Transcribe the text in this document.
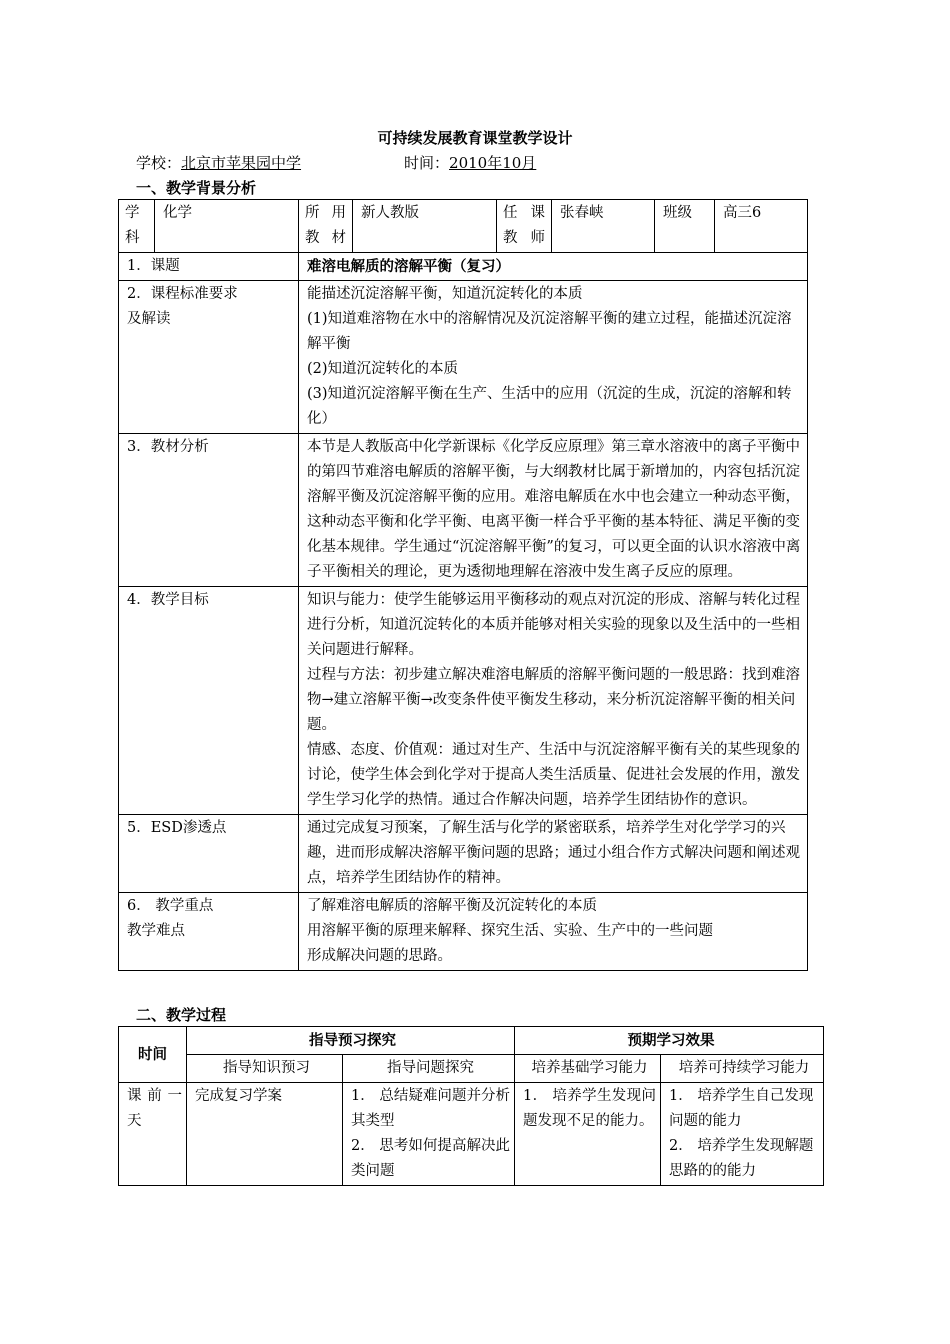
可持续发展教育课堂教学设计
学校：北京市苹果园中学	时间：2010年10月
一、教学背景分析
学科	化学	所用教材	新人教版	任课教师	张春峡	班级	高三6
1．课题		难溶电解质的溶解平衡（复习）					

2．课程标准要求
及解读		能描述沉淀溶解平衡，知道沉淀转化的本质
(1)知道难溶物在水中的溶解情况及沉淀溶解平衡的建立过程，能描述沉淀溶解平衡
(2)知道沉淀转化的本质
(3)知道沉淀溶解平衡在生产、生活中的应用（沉淀的生成，沉淀的溶解和转化）					

3．教材分析		本节是人教版高中化学新课标《化学反应原理》第三章水溶液中的离子平衡中的第四节难溶电解质的溶解平衡，与大纲教材比属于新增加的，内容包括沉淀溶解平衡及沉淀溶解平衡的应用。难溶电解质在水中也会建立一种动态平衡，这种动态平衡和化学平衡、电离平衡一样合乎平衡的基本特征、满足平衡的变化基本规律。学生通过“沉淀溶解平衡”的复习，可以更全面的认识水溶液中离子平衡相关的理论，更为透彻地理解在溶液中发生离子反应的原理。					
4．教学目标		知识与能力：使学生能够运用平衡移动的观点对沉淀的形成、溶解与转化过程进行分析，知道沉淀转化的本质并能够对相关实验的现象以及生活中的一些相关问题进行解释。
过程与方法：初步建立解决难溶电解质的溶解平衡问题的一般思路：找到难溶物→建立溶解平衡→改变条件使平衡发生移动，来分析沉淀溶解平衡的相关问题。
情感、态度、价值观：通过对生产、生活中与沉淀溶解平衡有关的某些现象的讨论，使学生体会到化学对于提高人类生活质量、促进社会发展的作用，激发学生学习化学的热情。通过合作解决问题，培养学生团结协作的意识。					

5．ESD渗透点		通过完成复习预案，了解生活与化学的紧密联系，培养学生对化学学习的兴趣，进而形成解决溶解平衡问题的思路；通过小组合作方式解决问题和阐述观点，培养学生团结协作的精神。					

6． 教学重点
教学难点		了解难溶电解质的溶解平衡及沉淀转化的本质
用溶解平衡的原理来解释、探究生活、实验、生产中的一些问题
形成解决问题的思路。					
二、教学过程
时间	指导预习探究		预期学习效果	
	指导知识预习	指导问题探究	培养基础学习能力	培养可持续学习能力
课前一天	完成复习学案	1． 总结疑难问题并分析其类型
2． 思考如何提高解决此类问题	1． 培养学生发现问题发现不足的能力。	1． 培养学生自己发现问题的能力
2． 培养学生发现解题思路的的能力
